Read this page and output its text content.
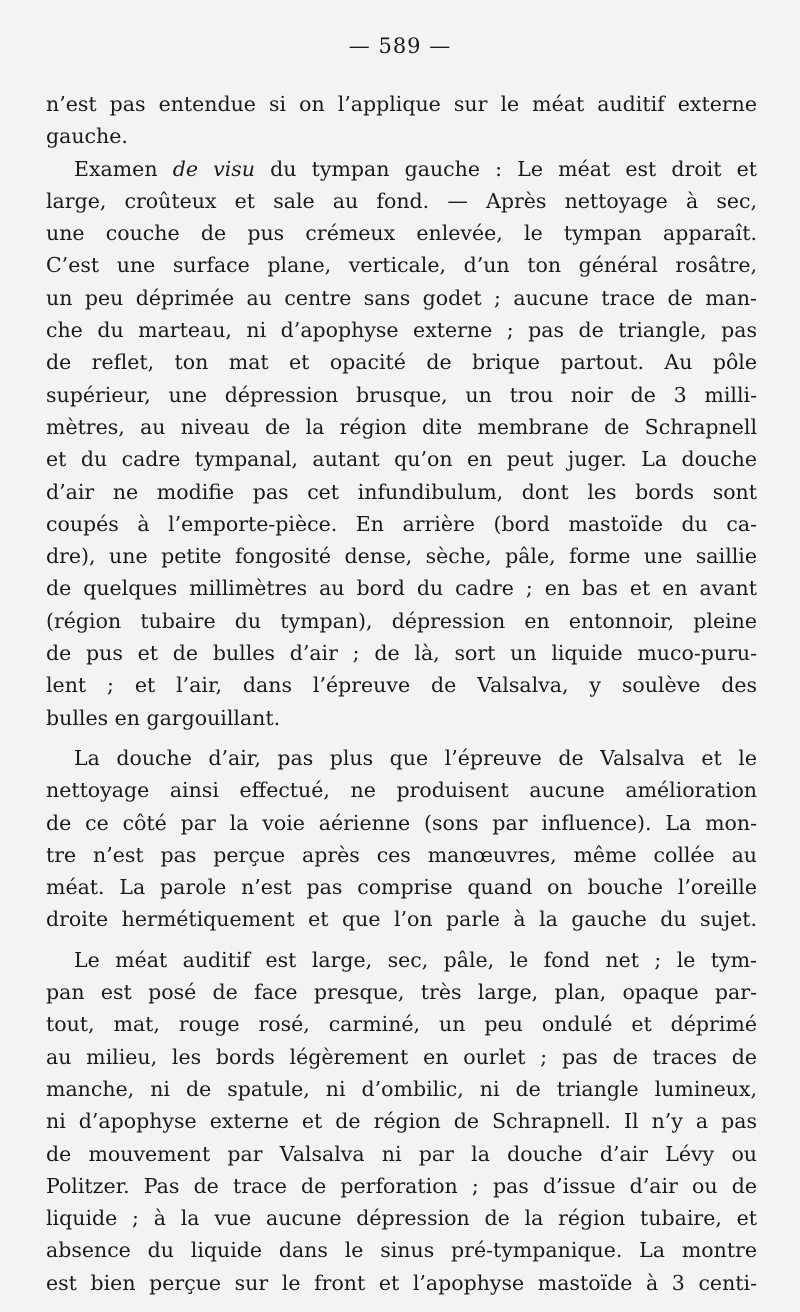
— 589 —
n’est pas entendue si on l’applique sur le méat auditif externe
gauche.
Examen de visu du tympan gauche : Le méat est droit et
large, croûteux et sale au fond. — Après nettoyage à sec,
une couche de pus crémeux enlevée, le tympan apparaît.
C’est une surface plane, verticale, d’un ton général rosâtre,
un peu déprimée au centre sans godet ; aucune trace de man-
che du marteau, ni d’apophyse externe ; pas de triangle, pas
de reflet, ton mat et opacité de brique partout. Au pôle
supérieur, une dépression brusque, un trou noir de 3 milli-
mètres, au niveau de la région dite membrane de Schrapnell
et du cadre tympanal, autant qu’on en peut juger. La douche
d’air ne modifie pas cet infundibulum, dont les bords sont
coupés à l’emporte-pièce. En arrière (bord mastoïde du ca-
dre), une petite fongosité dense, sèche, pâle, forme une saillie
de quelques millimètres au bord du cadre ; en bas et en avant
(région tubaire du tympan), dépression en entonnoir, pleine
de pus et de bulles d’air ; de là, sort un liquide muco-puru-
lent ; et l’air, dans l’épreuve de Valsalva, y soulève des
bulles en gargouillant.
La douche d’air, pas plus que l’épreuve de Valsalva et le
nettoyage ainsi effectué, ne produisent aucune amélioration
de ce côté par la voie aérienne (sons par influence). La mon-
tre n’est pas perçue après ces manœuvres, même collée au
méat. La parole n’est pas comprise quand on bouche l’oreille
droite hermétiquement et que l’on parle à la gauche du sujet.
Le méat auditif est large, sec, pâle, le fond net ; le tym-
pan est posé de face presque, très large, plan, opaque par-
tout, mat, rouge rosé, carminé, un peu ondulé et déprimé
au milieu, les bords légèrement en ourlet ; pas de traces de
manche, ni de spatule, ni d’ombilic, ni de triangle lumineux,
ni d’apophyse externe et de région de Schrapnell. Il n’y a pas
de mouvement par Valsalva ni par la douche d’air Lévy ou
Politzer. Pas de trace de perforation ; pas d’issue d’air ou de
liquide ; à la vue aucune dépression de la région tubaire, et
absence du liquide dans le sinus pré-tympanique. La montre
est bien perçue sur le front et l’apophyse mastoïde à 3 centi-
